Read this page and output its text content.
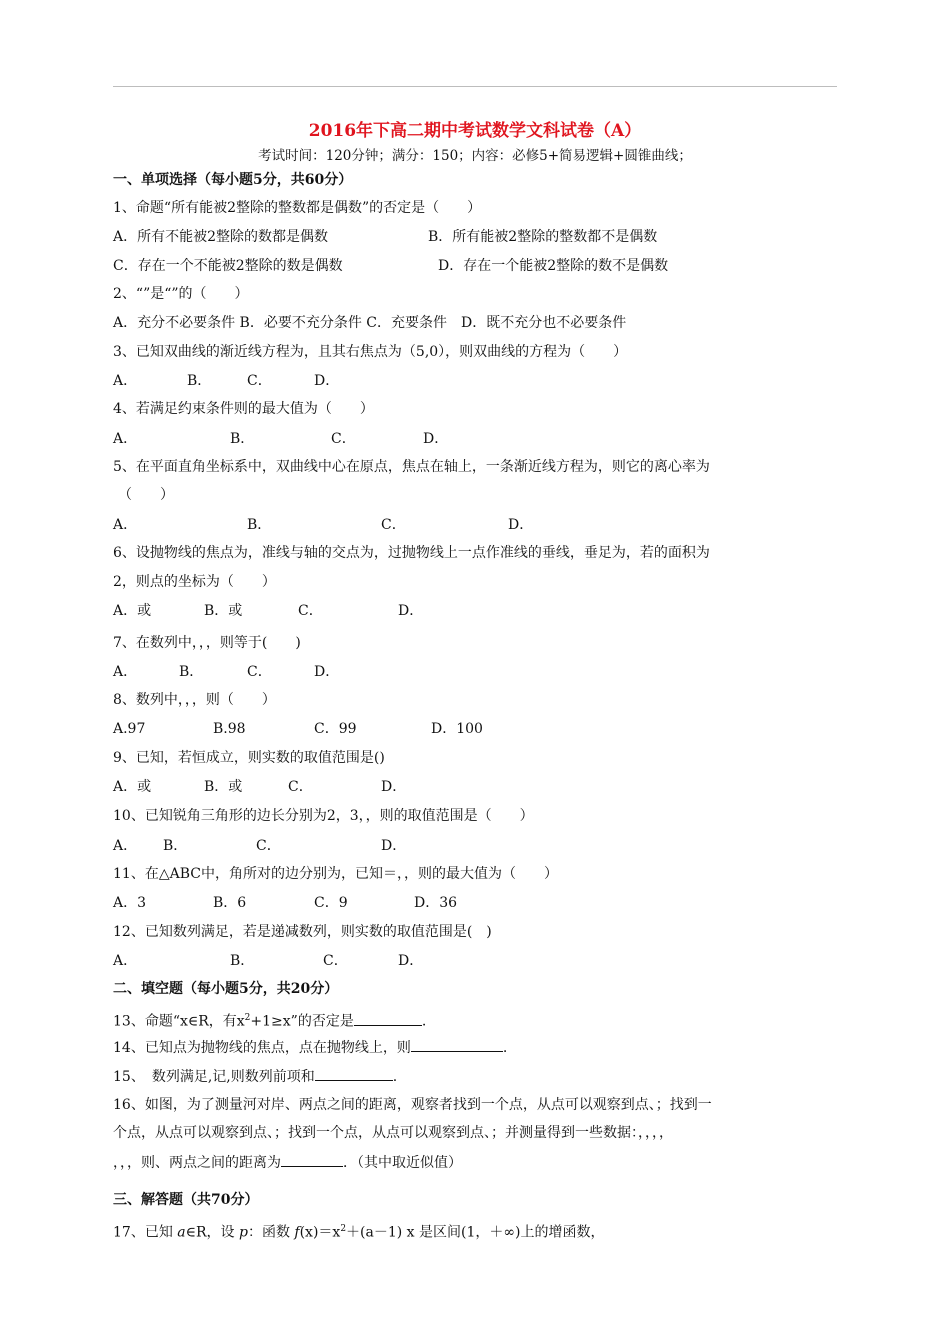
2016年下高二期中考试数学文科试卷（A）
考试时间：120分钟；满分：150；内容：必修5+简易逻辑+圆锥曲线；
一、单项选择（每小题5分，共60分）
1、命题“所有能被2整除的整数都是偶数”的否定是（　　）
A．所有不能被2整除的数都是偶数	B．所有能被2整除的整数都不是偶数
C．存在一个不能被2整除的数是偶数	D．存在一个能被2整除的数不是偶数
2、“”是“”的（　　）
A．充分不必要条件 B．必要不充分条件 C．充要条件　D．既不充分也不必要条件
3、已知双曲线的渐近线方程为，且其右焦点为（5,0），则双曲线的方程为（　　）
A．	B．	C．	D．
4、若满足约束条件则的最大值为（　　）
A．	B．	C．	D．
5、在平面直角坐标系中，双曲线中心在原点，焦点在轴上，一条渐近线方程为，则它的离心率为
（　　）
A．	B．	C．	D．
6、设抛物线的焦点为，准线与轴的交点为，过抛物线上一点作准线的垂线，垂足为，若的面积为
2，则点的坐标为（　　）
A．或	B．或	C．	D．
7、在数列中，，，则等于(　　)
A．	B．	C．	D．
8、数列中，，，则（　　）
A.97	B.98	C．99	D．100
9、已知，若恒成立，则实数的取值范围是()
A．或	B．或	C．	D．
10、已知锐角三角形的边长分别为2，3，，则的取值范围是（　　）
A． B．	C．	D．
11、在△ABC中，角所对的边分别为，已知＝，，则的最大值为（　　）
A．3	B．6	C．9	D．36
12、已知数列满足，若是递减数列，则实数的取值范围是(　)
A．	B．	C．	D．
二、填空题（每小题5分，共20分）
13、命题“x∈R，有$x^2+1\ge x$”的否定是	.
14、已知点为抛物线的焦点，点在抛物线上，则	.
15、　数列满足,记,则数列前项和	.
16、如图，为了测量河对岸、两点之间的距离，观察者找到一个点，从点可以观察到点、；找到一
个点，从点可以观察到点、；找到一个点，从点可以观察到点、；并测量得到一些数据：，，，，
，，，则、两点之间的距离为	．（其中取近似值）
三、解答题（共70分）
17、已知 a∈R，设 p：函数 $f(x)=x^2+(a-1)$ x 是区间(1，＋∞)上的增函数，
